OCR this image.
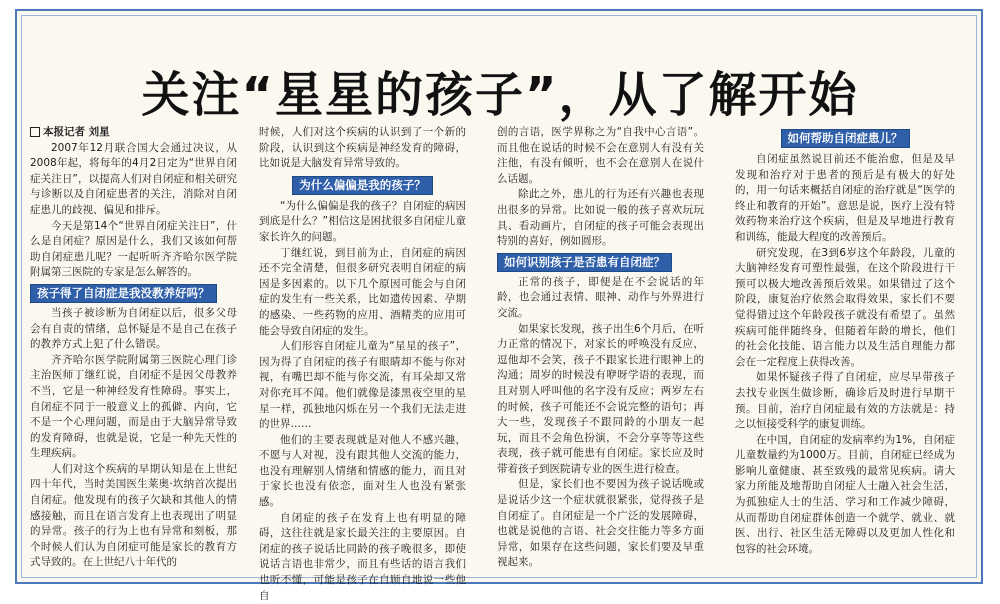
关注“星星的孩子”，从了解开始

本报记者 刘星

2007年12月联合国大会通过决议，从2008年起，将每年的4月2日定为“世界自闭症关注日”，以提高人们对自闭症和相关研究与诊断以及自闭症患者的关注，消除对自闭症患儿的歧视、偏见和排斥。

今天是第14个“世界自闭症关注日”，什么是自闭症？原因是什么，我们又该如何帮助自闭症患儿呢？一起听听齐齐哈尔医学院附属第三医院的专家是怎么解答的。

孩子得了自闭症是我没教养好吗？

当孩子被诊断为自闭症以后，很多父母会有自责的情绪，总怀疑是不是自己在孩子的教养方式上犯了什么错误。

齐齐哈尔医学院附属第三医院心理门诊主治医师丁继红说，自闭症不是因父母教养不当，它是一种神经发育性障碍。事实上，自闭症不同于一般意义上的孤僻、内向，它不是一个心理问题，而是由于大脑异常导致的发育障碍，也就是说，它是一种先天性的生理疾病。

人们对这个疾病的早期认知是在上世纪四十年代，当时美国医生莱奥·坎纳首次提出自闭症。他发现有的孩子欠缺和其他人的情感接触，而且在语言发育上也表现出了明显的异常。孩子的行为上也有异常和刻板，那个时候人们认为自闭症可能是家长的教育方式导致的。在上世纪八十年代的

时候，人们对这个疾病的认识到了一个新的阶段，认识到这个疾病是神经发育的障碍，比如说是大脑发育异常导致的。

为什么偏偏是我的孩子？

“为什么偏偏是我的孩子？自闭症的病因到底是什么？”相信这是困扰很多自闭症儿童家长许久的问题。

丁继红说，到目前为止，自闭症的病因还不完全清楚，但很多研究表明自闭症的病因是多因素的。以下几个原因可能会与自闭症的发生有一些关系，比如遗传因素、孕期的感染、一些药物的应用、酒精类的应用可能会导致自闭症的发生。

人们形容自闭症儿童为“星星的孩子”，因为得了自闭症的孩子有眼睛却不能与你对视，有嘴巴却不能与你交流，有耳朵却又常对你充耳不闻。他们就像是漆黑夜空里的星星一样，孤独地闪烁在另一个我们无法走进的世界……

他们的主要表现就是对他人不感兴趣，不愿与人对视，没有跟其他人交流的能力，也没有理解别人情绪和情感的能力，而且对于家长也没有依恋，面对生人也没有紧张感。

自闭症的孩子在发育上也有明显的障碍，这往往就是家长最关注的主要原因。自闭症的孩子说话比同龄的孩子晚很多，即使说话言语也非常少，而且有些话的语言我们也听不懂，可能是孩子在自顾自地说一些他自

创的言语，医学界称之为“自我中心言语”。而且他在说话的时候不会在意别人有没有关注他，有没有倾听，也不会在意别人在说什么话题。

除此之外，患儿的行为还有兴趣也表现出很多的异常。比如说一般的孩子喜欢玩玩具、看动画片，自闭症的孩子可能会表现出特别的喜好，例如圆形。

如何识别孩子是否患有自闭症？

正常的孩子，即便是在不会说话的年龄，也会通过表情、眼神、动作与外界进行交流。

如果家长发现，孩子出生6个月后，在听力正常的情况下，对家长的呼唤没有反应，逗他却不会笑，孩子不跟家长进行眼神上的沟通；周岁的时候没有咿呀学语的表现，而且对别人呼叫他的名字没有反应；两岁左右的时候，孩子可能还不会说完整的语句；再大一些，发现孩子不跟同龄的小朋友一起玩，而且不会角色扮演，不会分享等等这些表现，孩子就可能患有自闭症。家长应及时带着孩子到医院请专业的医生进行检查。

但是，家长们也不要因为孩子说话晚或是说话少这一个症状就很紧张，觉得孩子是自闭症了。自闭症是一个广泛的发展障碍，也就是说他的言语、社会交往能力等多方面异常，如果存在这些问题，家长们要及早重视起来。

如何帮助自闭症患儿？

自闭症虽然说目前还不能治愈，但是及早发现和治疗对于患者的预后是有极大的好处的，用一句话来概括自闭症的治疗就是“医学的终止和教育的开始”。意思是说，医疗上没有特效药物来治疗这个疾病，但是及早地进行教育和训练，能最大程度的改善预后。

研究发现，在3到6岁这个年龄段，儿童的大脑神经发育可塑性最强，在这个阶段进行干预可以极大地改善预后效果。如果错过了这个阶段，康复治疗依然会取得效果，家长们不要觉得错过这个年龄段孩子就没有希望了。虽然疾病可能伴随终身，但随着年龄的增长，他们的社会化技能、语言能力以及生活自理能力都会在一定程度上获得改善。

如果怀疑孩子得了自闭症，应尽早带孩子去找专业医生做诊断，确诊后及时进行早期干预。目前，治疗自闭症最有效的方法就是：持之以恒接受科学的康复训练。

在中国，自闭症的发病率约为1%，自闭症儿童数量约为1000万。目前，自闭症已经成为影响儿童健康、甚至致残的最常见疾病。请大家力所能及地帮助自闭症人士融入社会生活，为孤独症人士的生活、学习和工作减少障碍，从而帮助自闭症群体创造一个就学、就业、就医、出行、社区生活无障碍以及更加人性化和包容的社会环境。
